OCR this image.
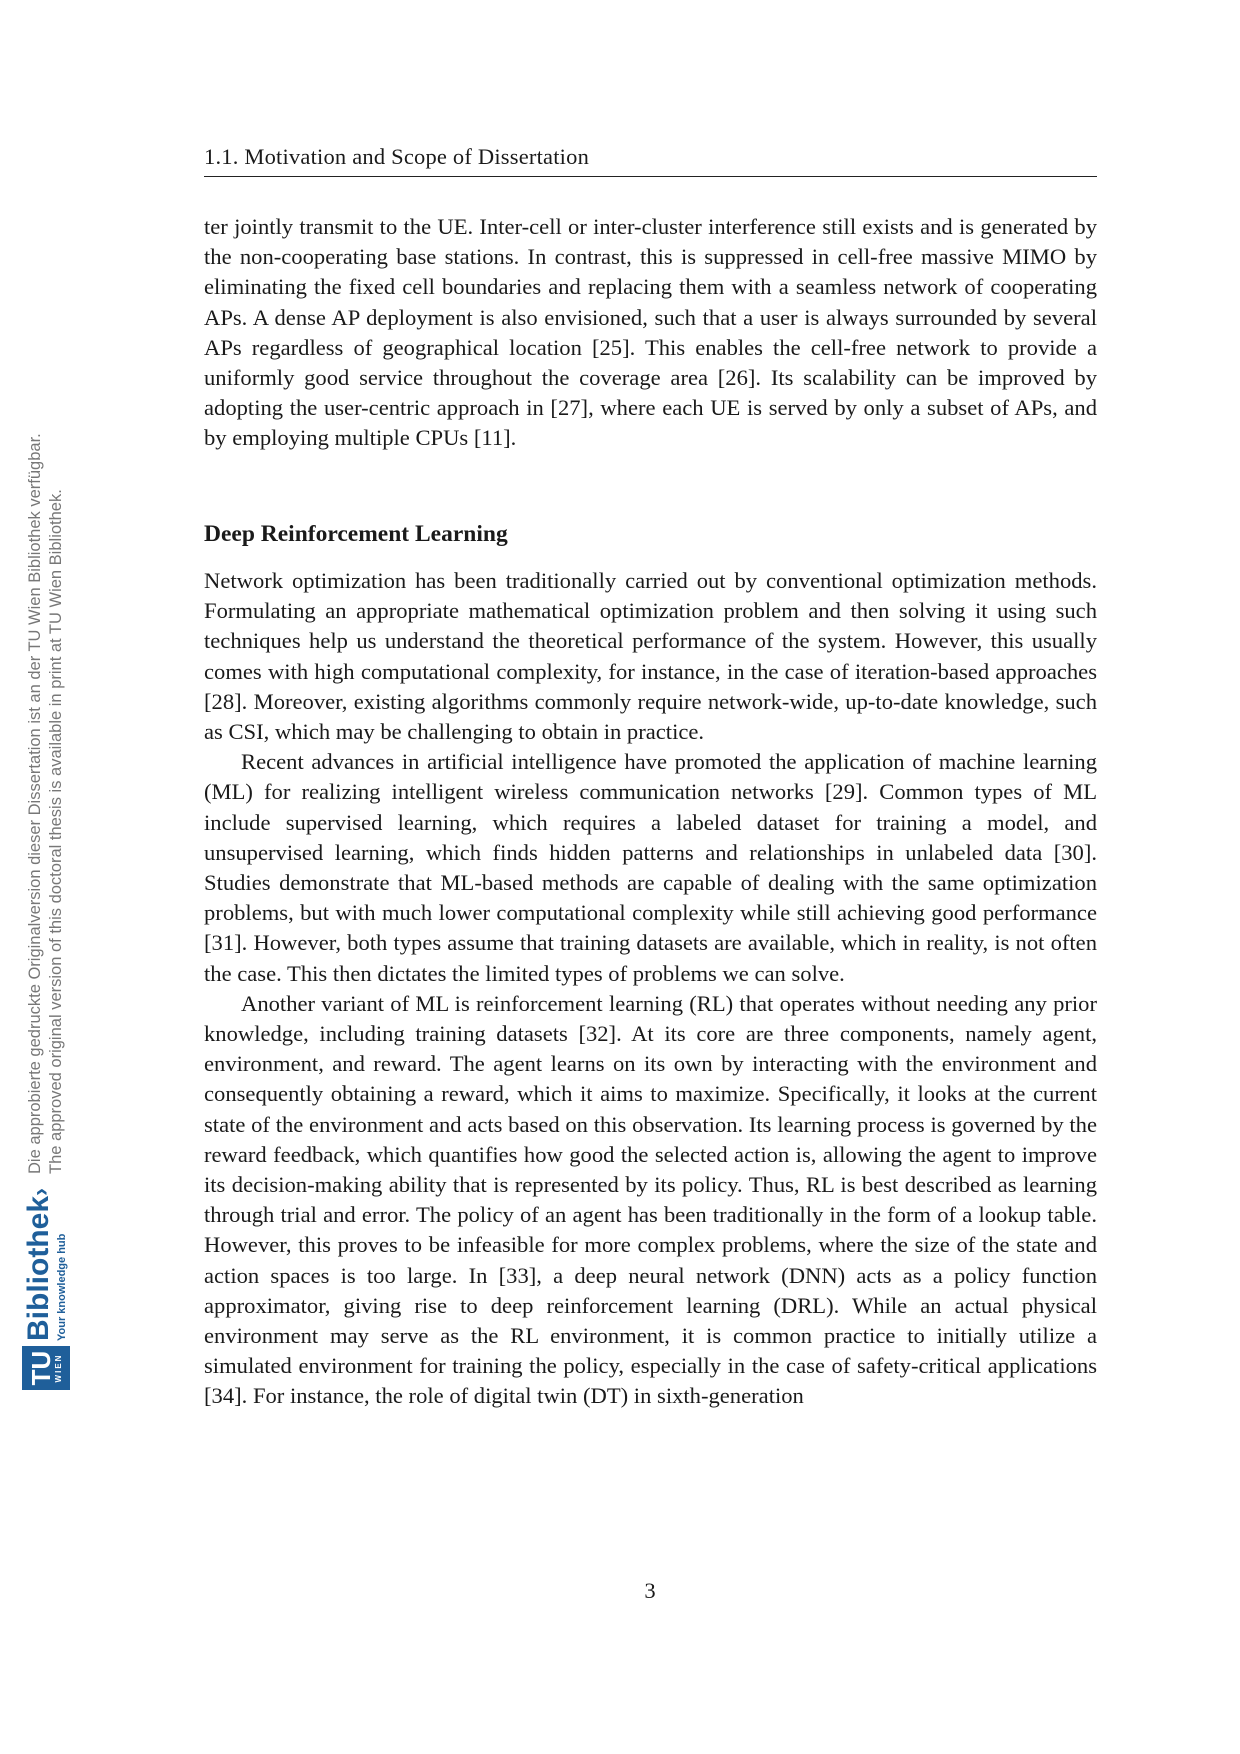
1.1. Motivation and Scope of Dissertation

ter jointly transmit to the UE. Inter-cell or inter-cluster interference still exists and is generated by the non-cooperating base stations. In contrast, this is suppressed in cell-free massive MIMO by eliminating the fixed cell boundaries and replacing them with a seamless network of cooperating APs. A dense AP deployment is also envisioned, such that a user is always surrounded by several APs regardless of geographical location [25]. This enables the cell-free network to provide a uniformly good service throughout the coverage area [26]. Its scalability can be improved by adopting the user-centric approach in [27], where each UE is served by only a subset of APs, and by employing multiple CPUs [11].

Deep Reinforcement Learning

Network optimization has been traditionally carried out by conventional optimization methods. Formulating an appropriate mathematical optimization problem and then solving it using such techniques help us understand the theoretical performance of the system. However, this usually comes with high computational complexity, for instance, in the case of iteration-based approaches [28]. Moreover, existing algorithms commonly require network-wide, up-to-date knowledge, such as CSI, which may be challenging to obtain in practice.

Recent advances in artificial intelligence have promoted the application of machine learning (ML) for realizing intelligent wireless communication networks [29]. Common types of ML include supervised learning, which requires a labeled dataset for training a model, and unsupervised learning, which finds hidden patterns and relationships in unlabeled data [30]. Studies demonstrate that ML-based methods are capable of dealing with the same optimization problems, but with much lower computational complexity while still achieving good performance [31]. However, both types assume that training datasets are available, which in reality, is not often the case. This then dictates the limited types of problems we can solve.

Another variant of ML is reinforcement learning (RL) that operates without needing any prior knowledge, including training datasets [32]. At its core are three components, namely agent, environment, and reward. The agent learns on its own by interacting with the environment and consequently obtaining a reward, which it aims to maximize. Specifically, it looks at the current state of the environment and acts based on this observation. Its learning process is governed by the reward feedback, which quantifies how good the selected action is, allowing the agent to improve its decision-making ability that is represented by its policy. Thus, RL is best described as learning through trial and error. The policy of an agent has been traditionally in the form of a lookup table. However, this proves to be infeasible for more complex problems, where the size of the state and action spaces is too large. In [33], a deep neural network (DNN) acts as a policy function approximator, giving rise to deep reinforcement learning (DRL). While an actual physical environment may serve as the RL environment, it is common practice to initially utilize a simulated environment for training the policy, especially in the case of safety-critical applications [34]. For instance, the role of digital twin (DT) in sixth-generation

3
TU
WIEN
Bibliothek›
Your knowledge hub
Die approbierte gedruckte Originalversion dieser Dissertation ist an der TU Wien Bibliothek verfügbar. The approved original version of this doctoral thesis is available in print at TU Wien Bibliothek.
